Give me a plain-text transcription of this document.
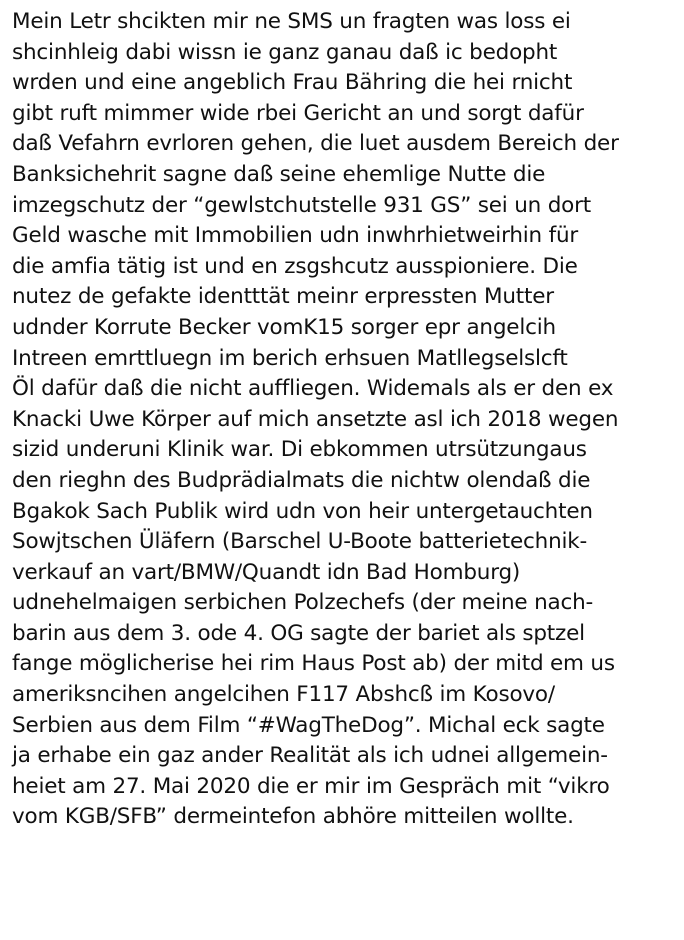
Mein Letr shcikten mir ne SMS un fragten was loss ei
shcinhleig dabi wissn ie ganz ganau daß ic bedopht
wrden und eine angeblich Frau Bähring die hei rnicht
gibt ruft mimmer wide rbei Gericht an und sorgt dafür
daß Vefahrn evrloren gehen, die luet ausdem Bereich der
Banksichehrit sagne daß seine ehemlige Nutte die
imzegschutz der “gewlstchutstelle 931 GS” sei un dort
Geld wasche mit Immobilien udn inwhrhietweirhin für
die amfia tätig ist und en zsgshcutz ausspioniere. Die
nutez de gefakte identttät meinr erpressten Mutter
udnder Korrute Becker vomK15 sorger epr angelcih
Intreen emrttluegn im berich erhsuen Matllegselslcft
Öl dafür daß die nicht auffliegen. Widemals als er den ex
Knacki Uwe Körper auf mich ansetzte asl ich 2018 wegen
sizid underuni Klinik war. Di ebkommen utrsützungaus
den rieghn des Budprädialmats die nichtw olendaß die
Bgakok Sach Publik wird udn von heir untergetauchten
Sowjtschen Üläfern (Barschel U-Boote batterietechnik-
verkauf an vart/BMW/Quandt idn Bad Homburg)
udnehelmaigen serbichen Polzechefs (der meine nach-
barin aus dem 3. ode 4. OG sagte der bariet als sptzel
fange möglicherise hei rim Haus Post ab) der mitd em us
ameriksncihen angelcihen F117 Abshcß im Kosovo/
Serbien aus dem Film “#WagTheDog”. Michal eck sagte
ja erhabe ein gaz ander Realität als ich udnei allgemein-
heiet am 27. Mai 2020 die er mir im Gespräch mit “vikro
vom KGB/SFB” dermeintefon abhöre mitteilen wollte.
